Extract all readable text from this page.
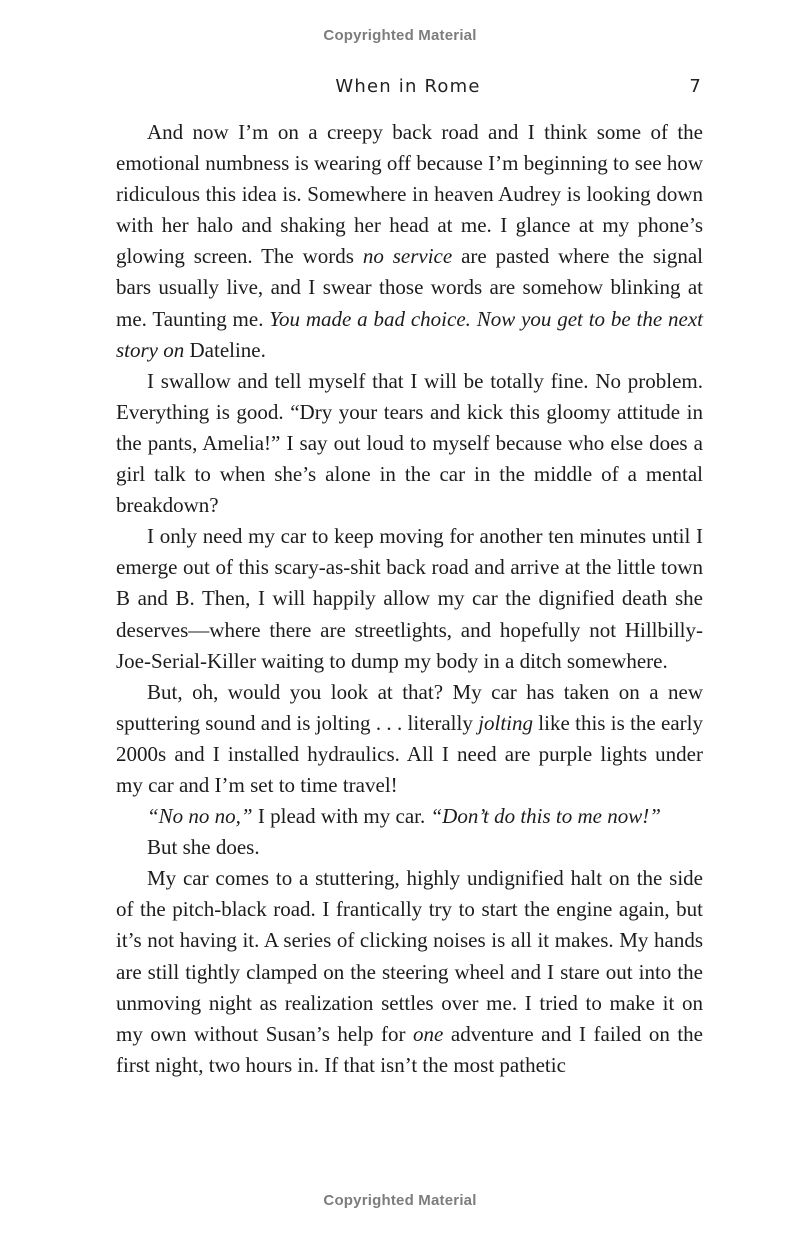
Copyrighted Material
When in Rome	7

And now I’m on a creepy back road and I think some of the emotional numbness is wearing off because I’m beginning to see how ridiculous this idea is. Somewhere in heaven Audrey is looking down with her halo and shaking her head at me. I glance at my phone’s glowing screen. The words no service are pasted where the signal bars usually live, and I swear those words are somehow blinking at me. Taunting me. You made a bad choice. Now you get to be the next story on Dateline.

I swallow and tell myself that I will be totally fine. No problem. Everything is good. “Dry your tears and kick this gloomy attitude in the pants, Amelia!” I say out loud to myself because who else does a girl talk to when she’s alone in the car in the middle of a mental breakdown?

I only need my car to keep moving for another ten minutes until I emerge out of this scary-as-shit back road and arrive at the little town B and B. Then, I will happily allow my car the dignified death she deserves—where there are streetlights, and hopefully not Hillbilly-Joe-Serial-Killer waiting to dump my body in a ditch somewhere.

But, oh, would you look at that? My car has taken on a new sputtering sound and is jolting . . . literally jolting like this is the early 2000s and I installed hydraulics. All I need are purple lights under my car and I’m set to time travel!

“No no no,” I plead with my car. “Don’t do this to me now!”

But she does.

My car comes to a stuttering, highly undignified halt on the side of the pitch-black road. I frantically try to start the engine again, but it’s not having it. A series of clicking noises is all it makes. My hands are still tightly clamped on the steering wheel and I stare out into the unmoving night as realization settles over me. I tried to make it on my own without Susan’s help for one adventure and I failed on the first night, two hours in. If that isn’t the most pathetic

Copyrighted Material
